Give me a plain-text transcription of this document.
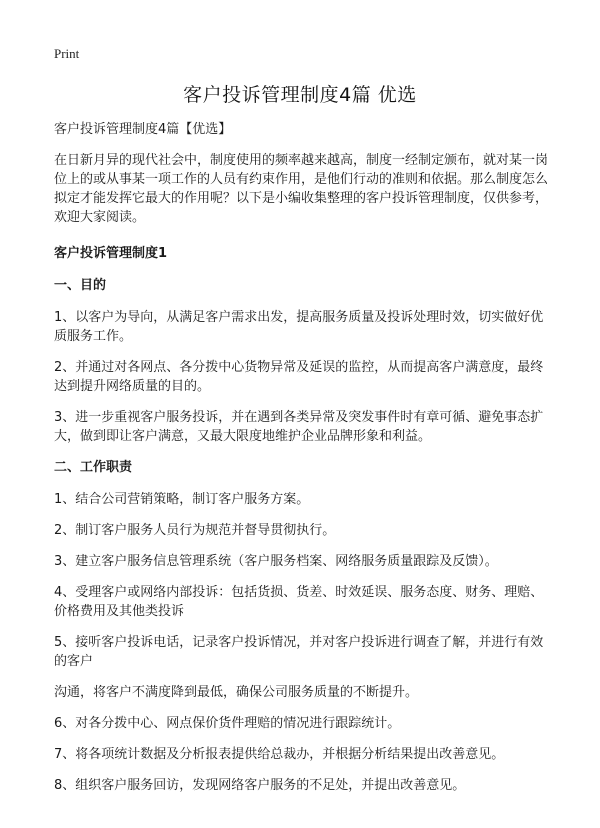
Print
客户投诉管理制度4篇 优选

客户投诉管理制度4篇【优选】

在日新月异的现代社会中，制度使用的频率越来越高，制度一经制定颁布，就对某一岗位上的或从事某一项工作的人员有约束作用，是他们行动的准则和依据。那么制度怎么拟定才能发挥它最大的作用呢？以下是小编收集整理的客户投诉管理制度，仅供参考，欢迎大家阅读。

客户投诉管理制度1

一、目的

1、以客户为导向，从满足客户需求出发，提高服务质量及投诉处理时效，切实做好优质服务工作。

2、并通过对各网点、各分拨中心货物异常及延误的监控，从而提高客户满意度，最终达到提升网络质量的目的。

3、进一步重视客户服务投诉，并在遇到各类异常及突发事件时有章可循、避免事态扩大，做到即让客户满意，又最大限度地维护企业品牌形象和利益。

二、工作职责

1、结合公司营销策略，制订客户服务方案。

2、制订客户服务人员行为规范并督导贯彻执行。

3、建立客户服务信息管理系统（客户服务档案、网络服务质量跟踪及反馈）。

4、受理客户或网络内部投诉：包括货损、货差、时效延误、服务态度、财务、理赔、价格费用及其他类投诉

5、接听客户投诉电话，记录客户投诉情况，并对客户投诉进行调查了解，并进行有效的客户

沟通，将客户不满度降到最低，确保公司服务质量的不断提升。

6、对各分拨中心、网点保价货件理赔的情况进行跟踪统计。

7、将各项统计数据及分析报表提供给总裁办，并根据分析结果提出改善意见。

8、组织客户服务回访，发现网络客户服务的不足处，并提出改善意见。
